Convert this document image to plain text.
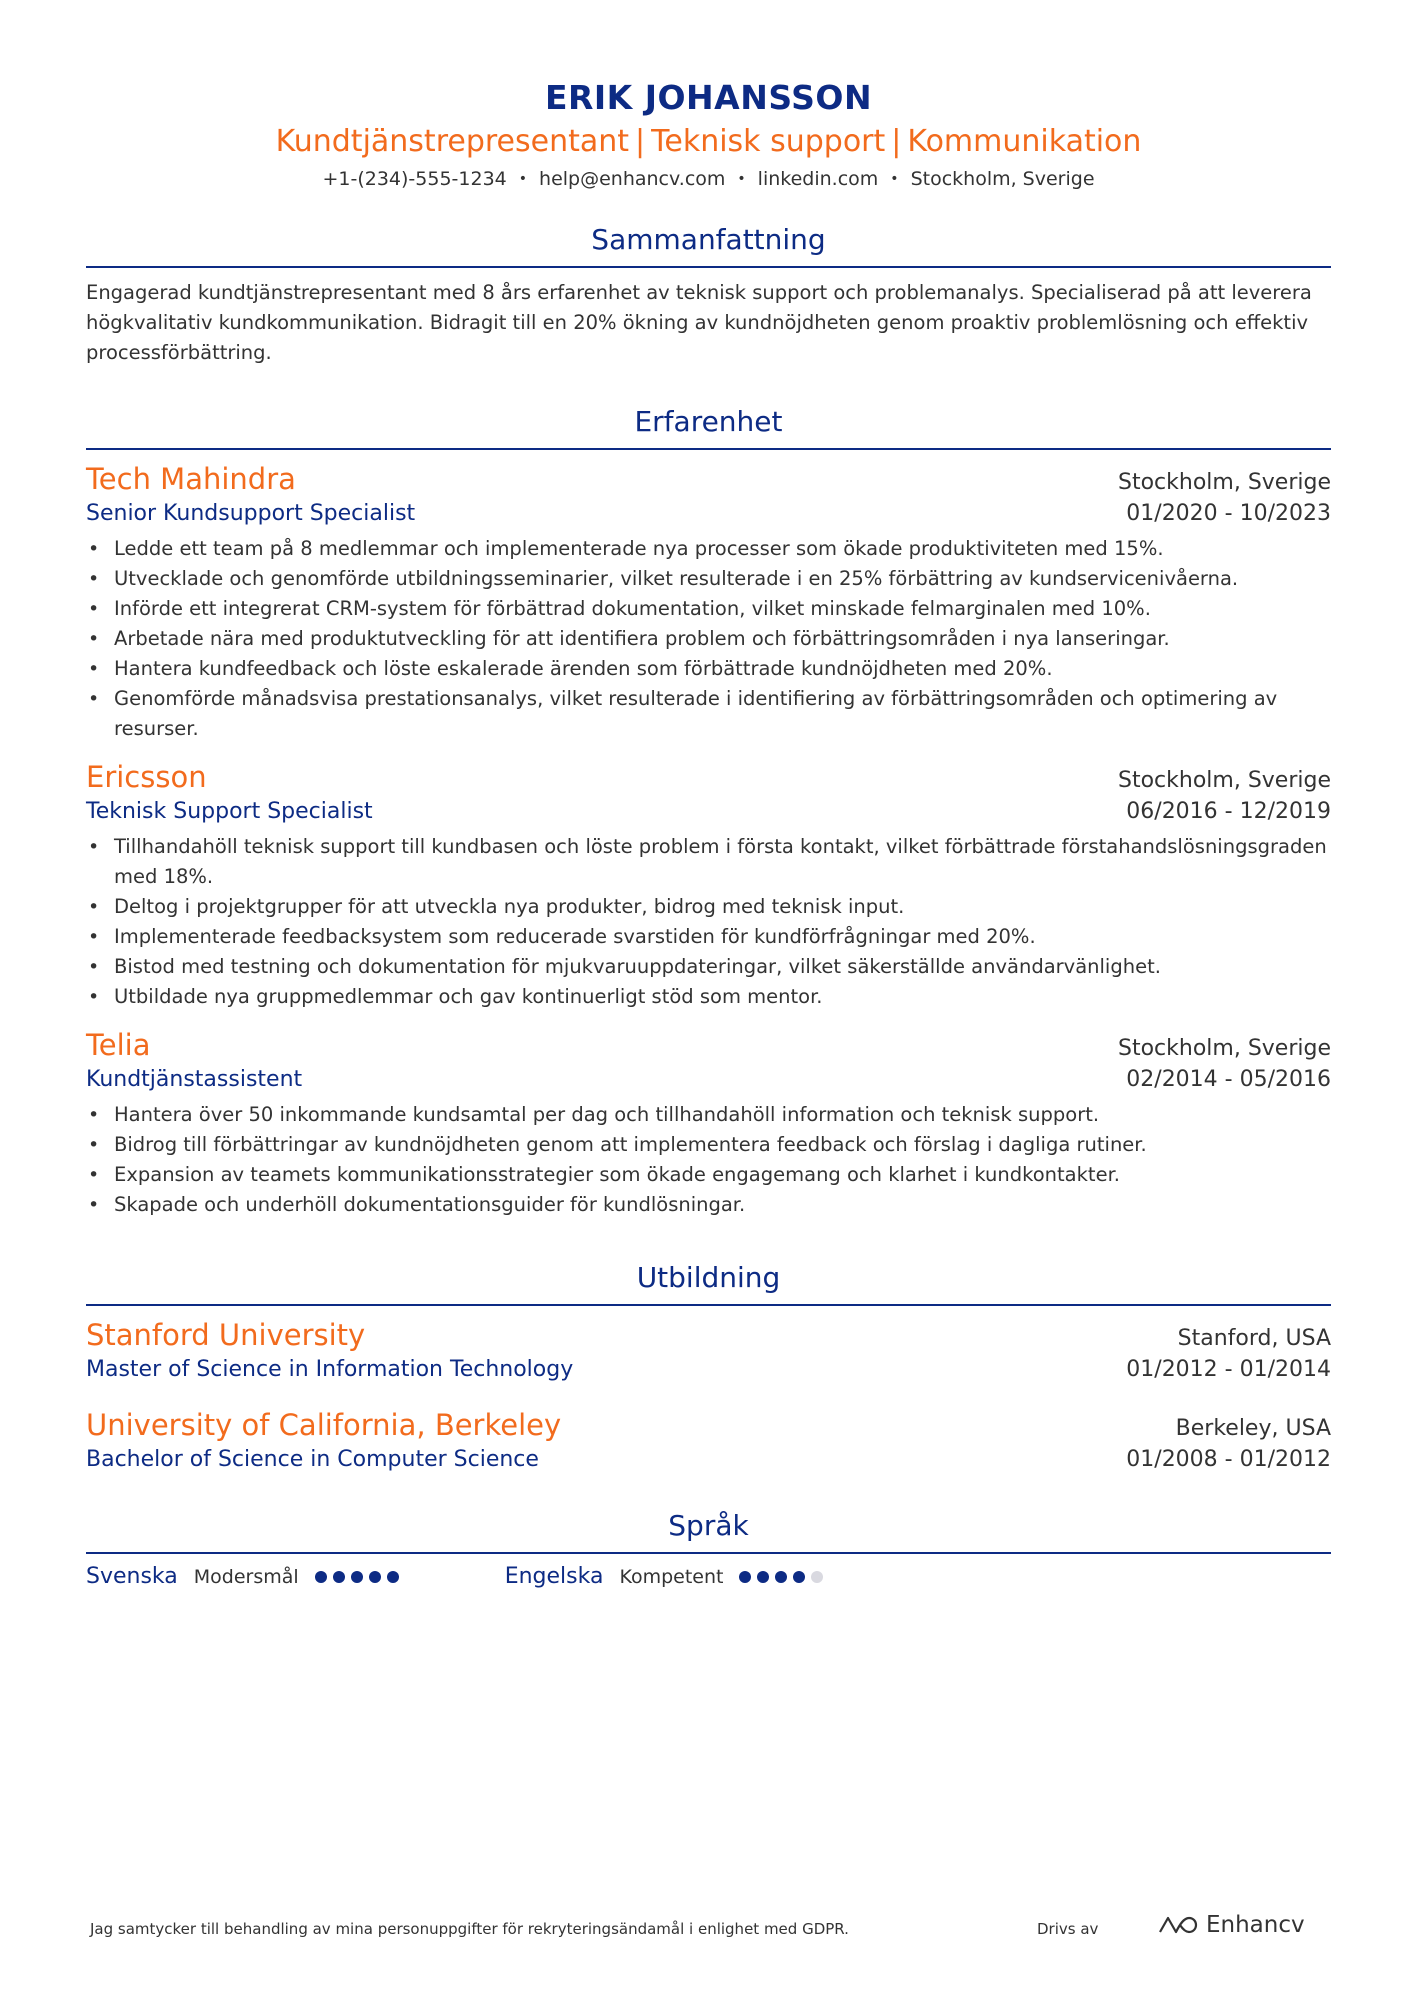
ERIK JOHANSSON
Kundtjänstrepresentant | Teknisk support | Kommunikation
+1-(234)-555-1234 • help@enhancv.com • linkedin.com • Stockholm, Sverige
Sammanfattning
Engagerad kundtjänstrepresentant med 8 års erfarenhet av teknisk support och problemanalys. Specialiserad på att leverera högkvalitativ kundkommunikation. Bidragit till en 20% ökning av kundnöjdheten genom proaktiv problemlösning och effektiv processförbättring.
Erfarenhet
Tech Mahindra	Stockholm, Sverige
Senior Kundsupport Specialist	01/2020 - 10/2023
• Ledde ett team på 8 medlemmar och implementerade nya processer som ökade produktiviteten med 15%.
• Utvecklade och genomförde utbildningsseminarier, vilket resulterade i en 25% förbättring av kundservicenivåerna.
• Införde ett integrerat CRM-system för förbättrad dokumentation, vilket minskade felmarginalen med 10%.
• Arbetade nära med produktutveckling för att identifiera problem och förbättringsområden i nya lanseringar.
• Hantera kundfeedback och löste eskalerade ärenden som förbättrade kundnöjdheten med 20%.
• Genomförde månadsvisa prestationsanalys, vilket resulterade i identifiering av förbättringsområden och optimering av resurser.
Ericsson	Stockholm, Sverige
Teknisk Support Specialist	06/2016 - 12/2019
• Tillhandahöll teknisk support till kundbasen och löste problem i första kontakt, vilket förbättrade förstahandslösningsgraden med 18%.
• Deltog i projektgrupper för att utveckla nya produkter, bidrog med teknisk input.
• Implementerade feedbacksystem som reducerade svarstiden för kundförfrågningar med 20%.
• Bistod med testning och dokumentation för mjukvaruuppdateringar, vilket säkerställde användarvänlighet.
• Utbildade nya gruppmedlemmar och gav kontinuerligt stöd som mentor.
Telia	Stockholm, Sverige
Kundtjänstassistent	02/2014 - 05/2016
• Hantera över 50 inkommande kundsamtal per dag och tillhandahöll information och teknisk support.
• Bidrog till förbättringar av kundnöjdheten genom att implementera feedback och förslag i dagliga rutiner.
• Expansion av teamets kommunikationsstrategier som ökade engagemang och klarhet i kundkontakter.
• Skapade och underhöll dokumentationsguider för kundlösningar.
Utbildning
Stanford University	Stanford, USA
Master of Science in Information Technology	01/2012 - 01/2014
University of California, Berkeley	Berkeley, USA
Bachelor of Science in Computer Science	01/2008 - 01/2012
Språk
Svenska Modersmål	Engelska Kompetent
Jag samtycker till behandling av mina personuppgifter för rekryteringsändamål i enlighet med GDPR.	Drivs av	Enhancv
